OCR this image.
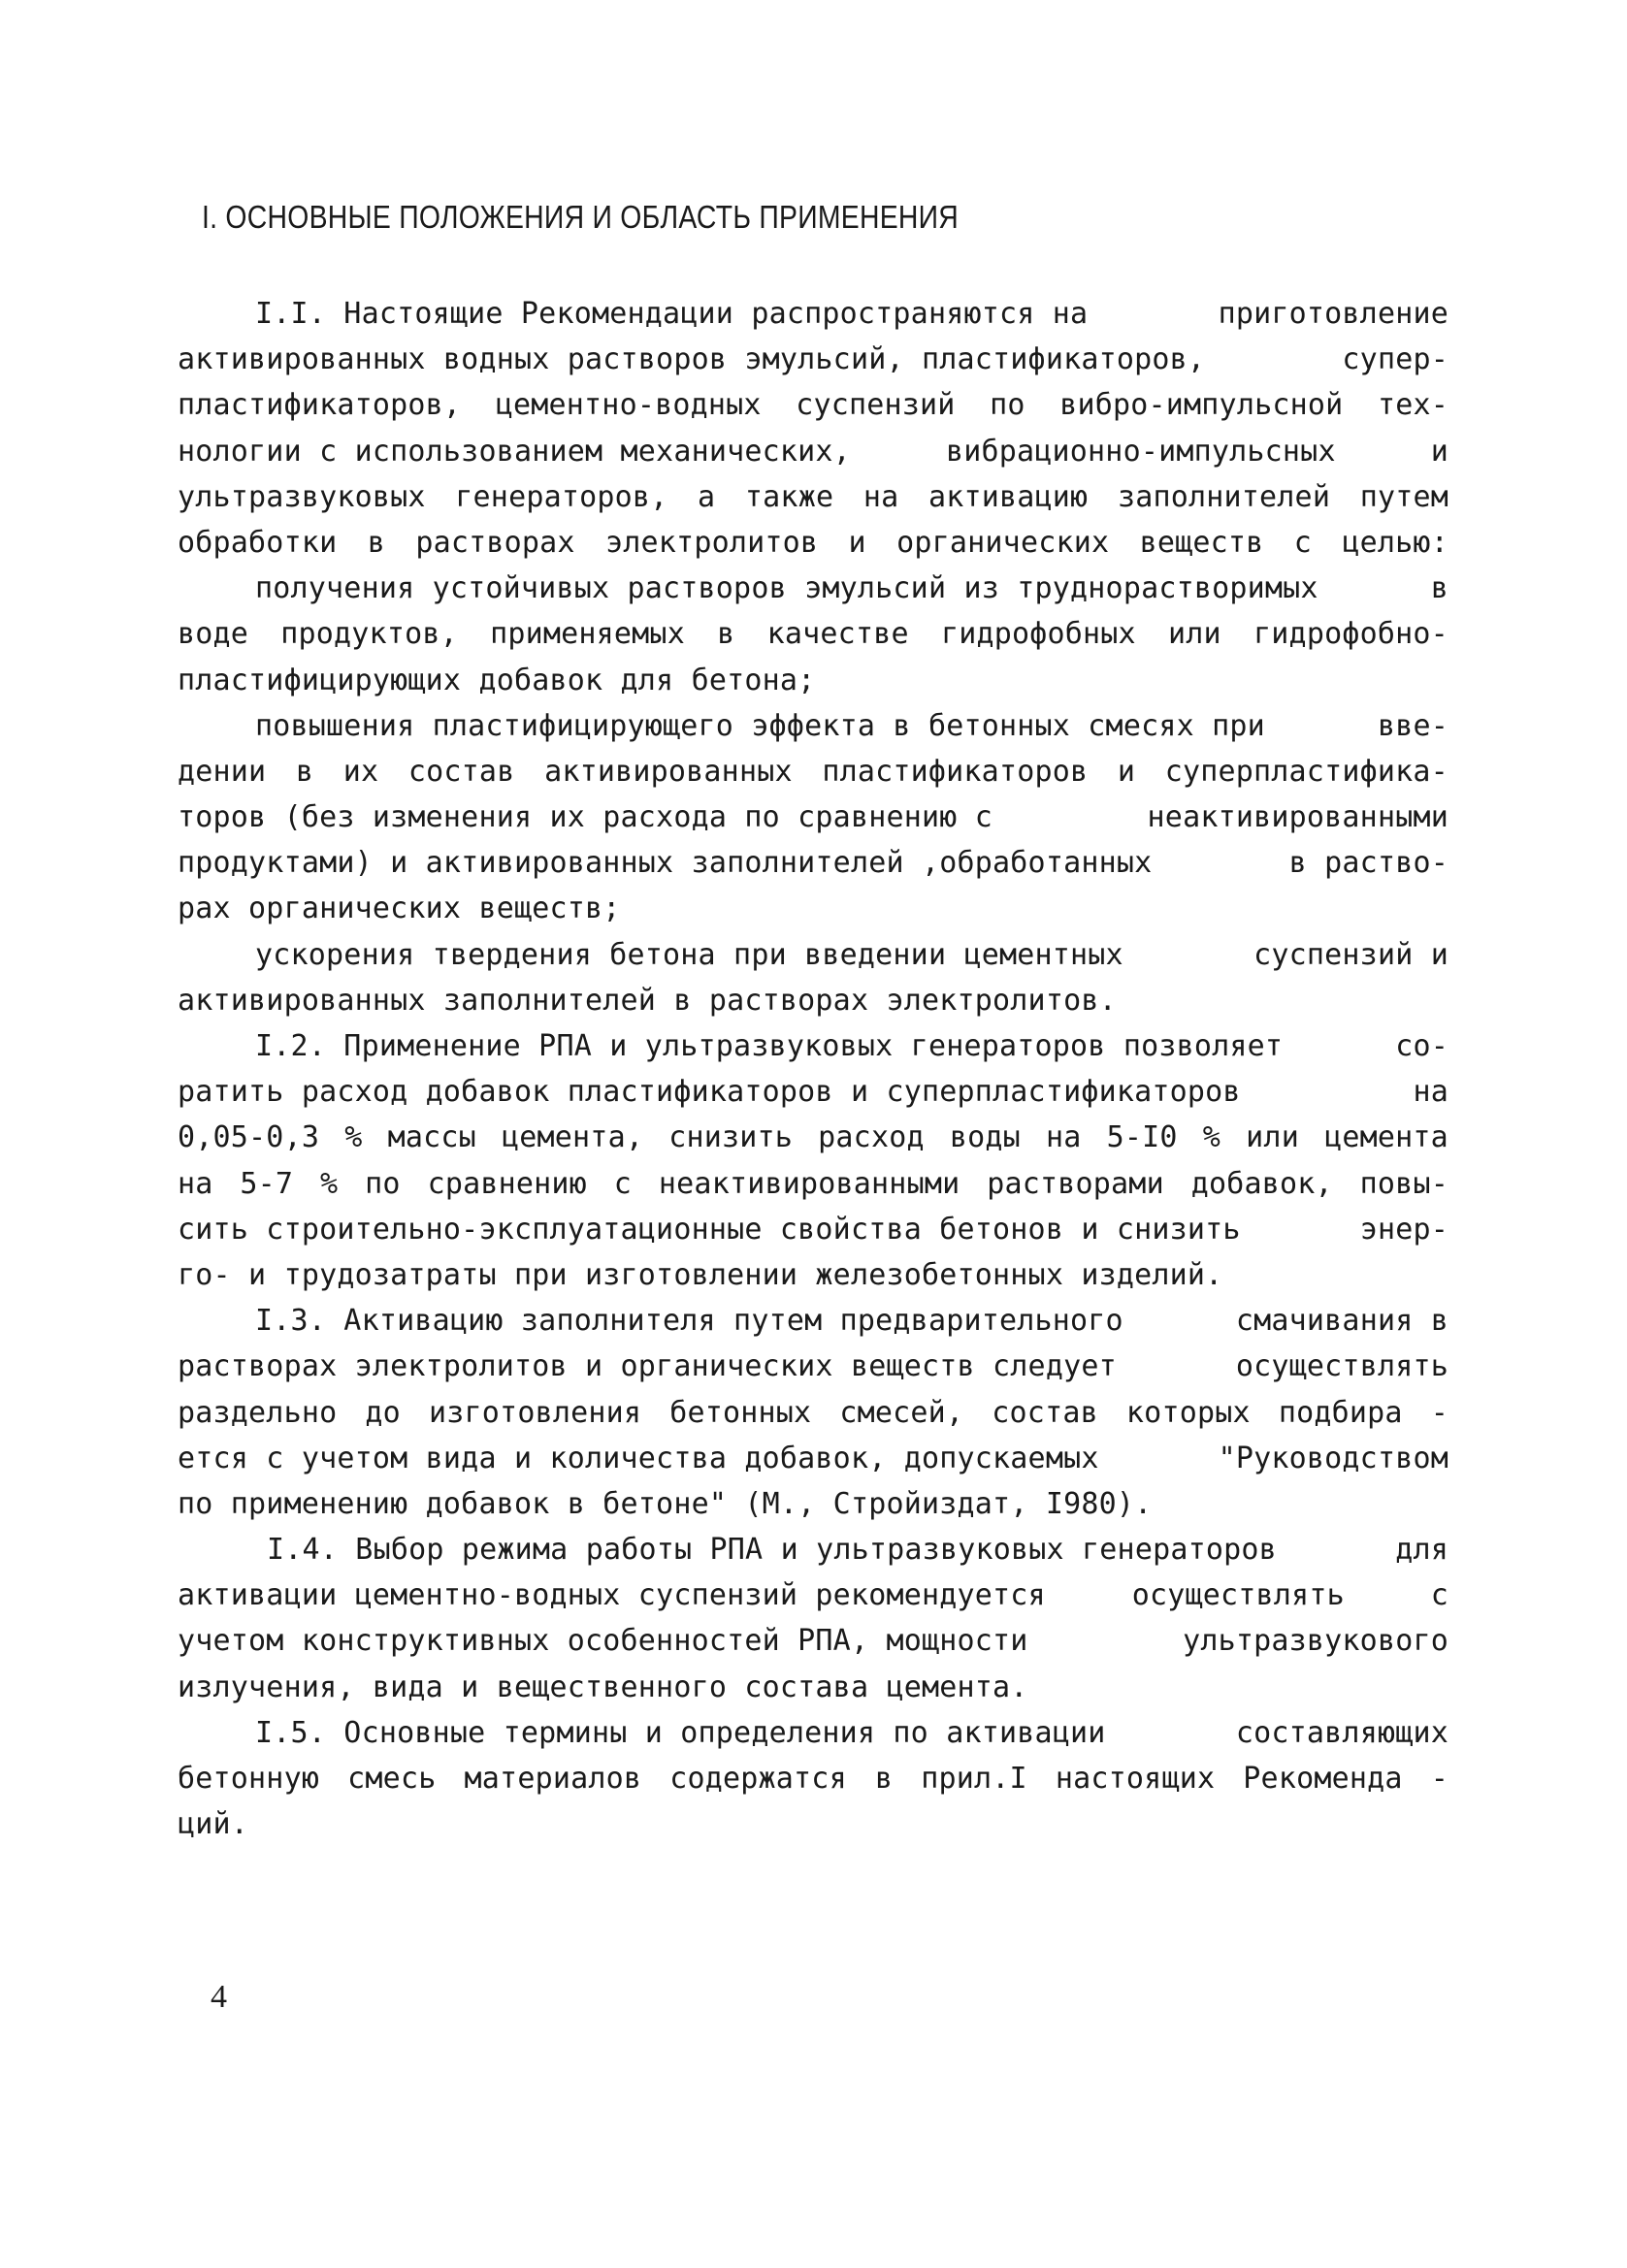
I. ОСНОВНЫЕ ПОЛОЖЕНИЯ И ОБЛАСТЬ ПРИМЕНЕНИЯ
I.I. Настоящие Рекомендации распространяются на	приготовление
активированных водных растворов эмульсий, пластификаторов,	супер-
пластификаторов, цементно-водных суспензий по вибро-импульсной тех-
нологии с использованием механических,	вибрационно-импульсных	и
ультразвуковых генераторов, а также на активацию заполнителей путем
обработки в растворах электролитов и органических веществ с целью:
получения устойчивых растворов эмульсий из труднорастворимых	в
воде продуктов, применяемых в качестве гидрофобных или гидрофобно-
пластифицирующих добавок для бетона;
повышения пластифицирующего эффекта в бетонных смесях при	вве-
дении в их состав активированных пластификаторов и суперпластифика-
торов (без изменения их расхода по сравнению с	неактивированными
продуктами) и активированных заполнителей ,обработанных	в раство-
рах органических веществ;
ускорения твердения бетона при введении цементных	суспензий и
активированных заполнителей в растворах электролитов.
I.2. Применение РПА и ультразвуковых генераторов позволяет	со-
ратить расход добавок пластификаторов и суперпластификаторов	на
0,05-0,3 % массы цемента, снизить расход воды на 5-I0 % или цемента
на 5-7 % по сравнению с неактивированными растворами добавок, повы-
сить строительно-эксплуатационные свойства бетонов и снизить	энер-
го- и трудозатраты при изготовлении железобетонных изделий.
I.3. Активацию заполнителя путем предварительного	смачивания в
растворах электролитов и органических веществ следует	осуществлять
раздельно до изготовления бетонных смесей, состав которых подбира -
ется с учетом вида и количества добавок, допускаемых	"Руководством
по применению добавок в бетоне" (М., Стройиздат, I980).
I.4. Выбор режима работы РПА и ультразвуковых генераторов	для
активации цементно-водных суспензий рекомендуется	осуществлять	с
учетом конструктивных особенностей РПА, мощности	ультразвукового
излучения, вида и вещественного состава цемента.
I.5. Основные термины и определения по активации	составляющих
бетонную смесь материалов содержатся в прил.I настоящих Рекоменда -
ций.
4
